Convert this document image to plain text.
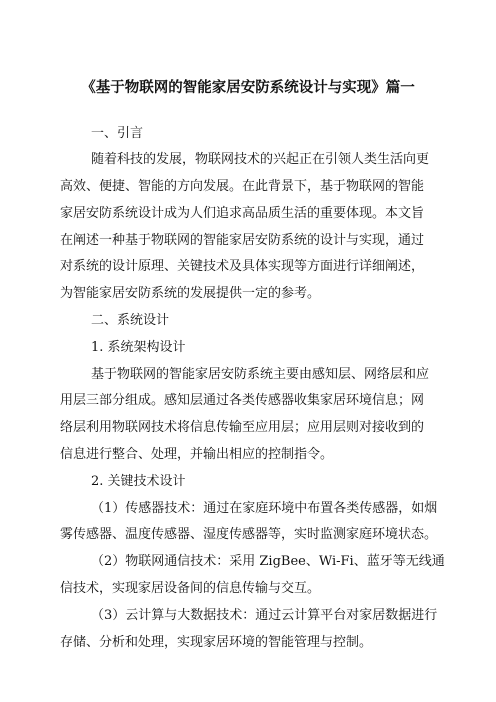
《基于物联网的智能家居安防系统设计与实现》篇一
一、引言
随着科技的发展，物联网技术的兴起正在引领人类生活向更
高效、便捷、智能的方向发展。在此背景下，基于物联网的智能
家居安防系统设计成为人们追求高品质生活的重要体现。本文旨
在阐述一种基于物联网的智能家居安防系统的设计与实现，通过
对系统的设计原理、关键技术及具体实现等方面进行详细阐述，
为智能家居安防系统的发展提供一定的参考。
二、系统设计
1. 系统架构设计
基于物联网的智能家居安防系统主要由感知层、网络层和应
用层三部分组成。感知层通过各类传感器收集家居环境信息；网
络层利用物联网技术将信息传输至应用层；应用层则对接收到的
信息进行整合、处理，并输出相应的控制指令。
2. 关键技术设计
（1）传感器技术：通过在家庭环境中布置各类传感器，如烟
雾传感器、温度传感器、湿度传感器等，实时监测家庭环境状态。
（2）物联网通信技术：采用 ZigBee、Wi-Fi、蓝牙等无线通
信技术，实现家居设备间的信息传输与交互。
（3）云计算与大数据技术：通过云计算平台对家居数据进行
存储、分析和处理，实现家居环境的智能管理与控制。
